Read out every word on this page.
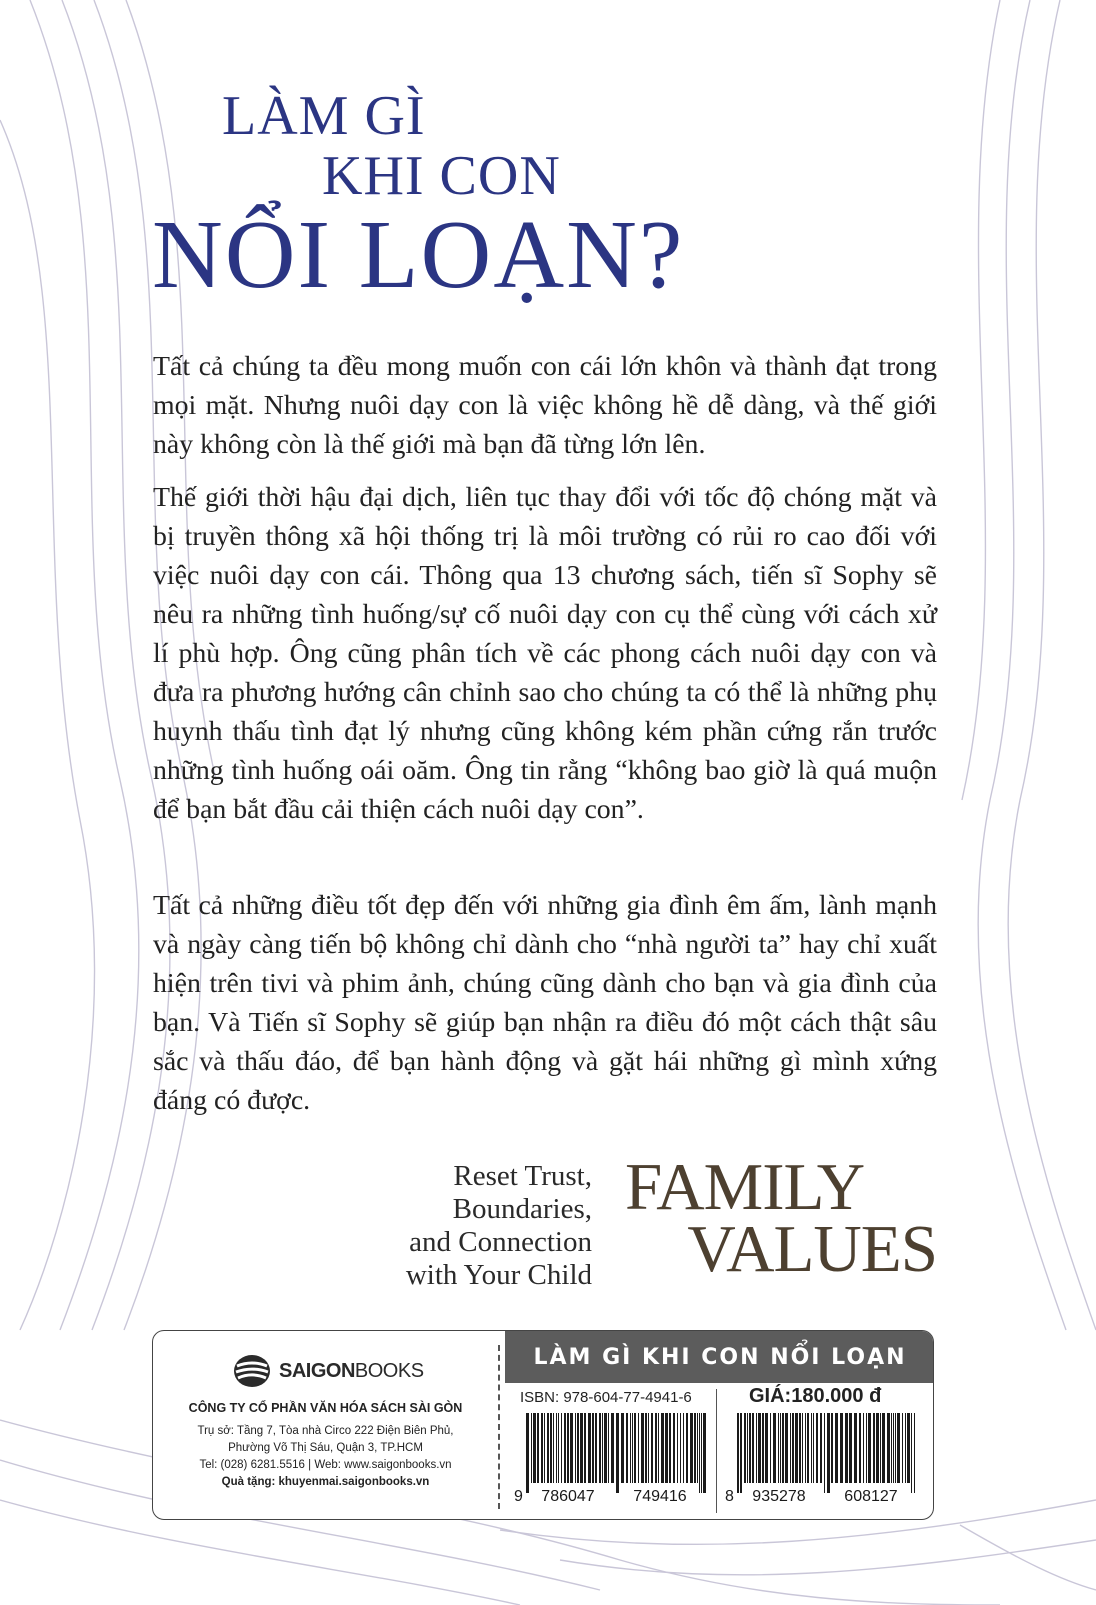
LÀM GÌ
KHI CON
NỔI LOẠN?

Tất cả chúng ta đều mong muốn con cái lớn khôn và thành đạt trong mọi mặt. Nhưng nuôi dạy con là việc không hề dễ dàng, và thế giới này không còn là thế giới mà bạn đã từng lớn lên.

Thế giới thời hậu đại dịch, liên tục thay đổi với tốc độ chóng mặt và bị truyền thông xã hội thống trị là môi trường có rủi ro cao đối với việc nuôi dạy con cái. Thông qua 13 chương sách, tiến sĩ Sophy sẽ nêu ra những tình huống/sự cố nuôi dạy con cụ thể cùng với cách xử lí phù hợp. Ông cũng phân tích về các phong cách nuôi dạy con và đưa ra phương hướng cân chỉnh sao cho chúng ta có thể là những phụ huynh thấu tình đạt lý nhưng cũng không kém phần cứng rắn trước những tình huống oái oăm. Ông tin rằng “không bao giờ là quá muộn để bạn bắt đầu cải thiện cách nuôi dạy con”.

Tất cả những điều tốt đẹp đến với những gia đình êm ấm, lành mạnh và ngày càng tiến bộ không chỉ dành cho “nhà người ta” hay chỉ xuất hiện trên tivi và phim ảnh, chúng cũng dành cho bạn và gia đình của bạn. Và Tiến sĩ Sophy sẽ giúp bạn nhận ra điều đó một cách thật sâu sắc và thấu đáo, để bạn hành động và gặt hái những gì mình xứng đáng có được.

Reset Trust,
Boundaries,
and Connection
with Your Child
FAMILY
VALUES
SAIGONBOOKS
CÔNG TY CỔ PHẦN VĂN HÓA SÁCH SÀI GÒN
Trụ sở: Tầng 7, Tòa nhà Circo 222 Điện Biên Phủ,
Phường Võ Thị Sáu, Quận 3, TP.HCM
Tel: (028) 6281.5516 | Web: www.saigonbooks.vn
Quà tặng: khuyenmai.saigonbooks.vn
LÀM GÌ KHI CON NỔI LOẠN
ISBN: 978-604-77-4941-6
9 786047 749416
GIÁ:180.000 đ
8 935278 608127
